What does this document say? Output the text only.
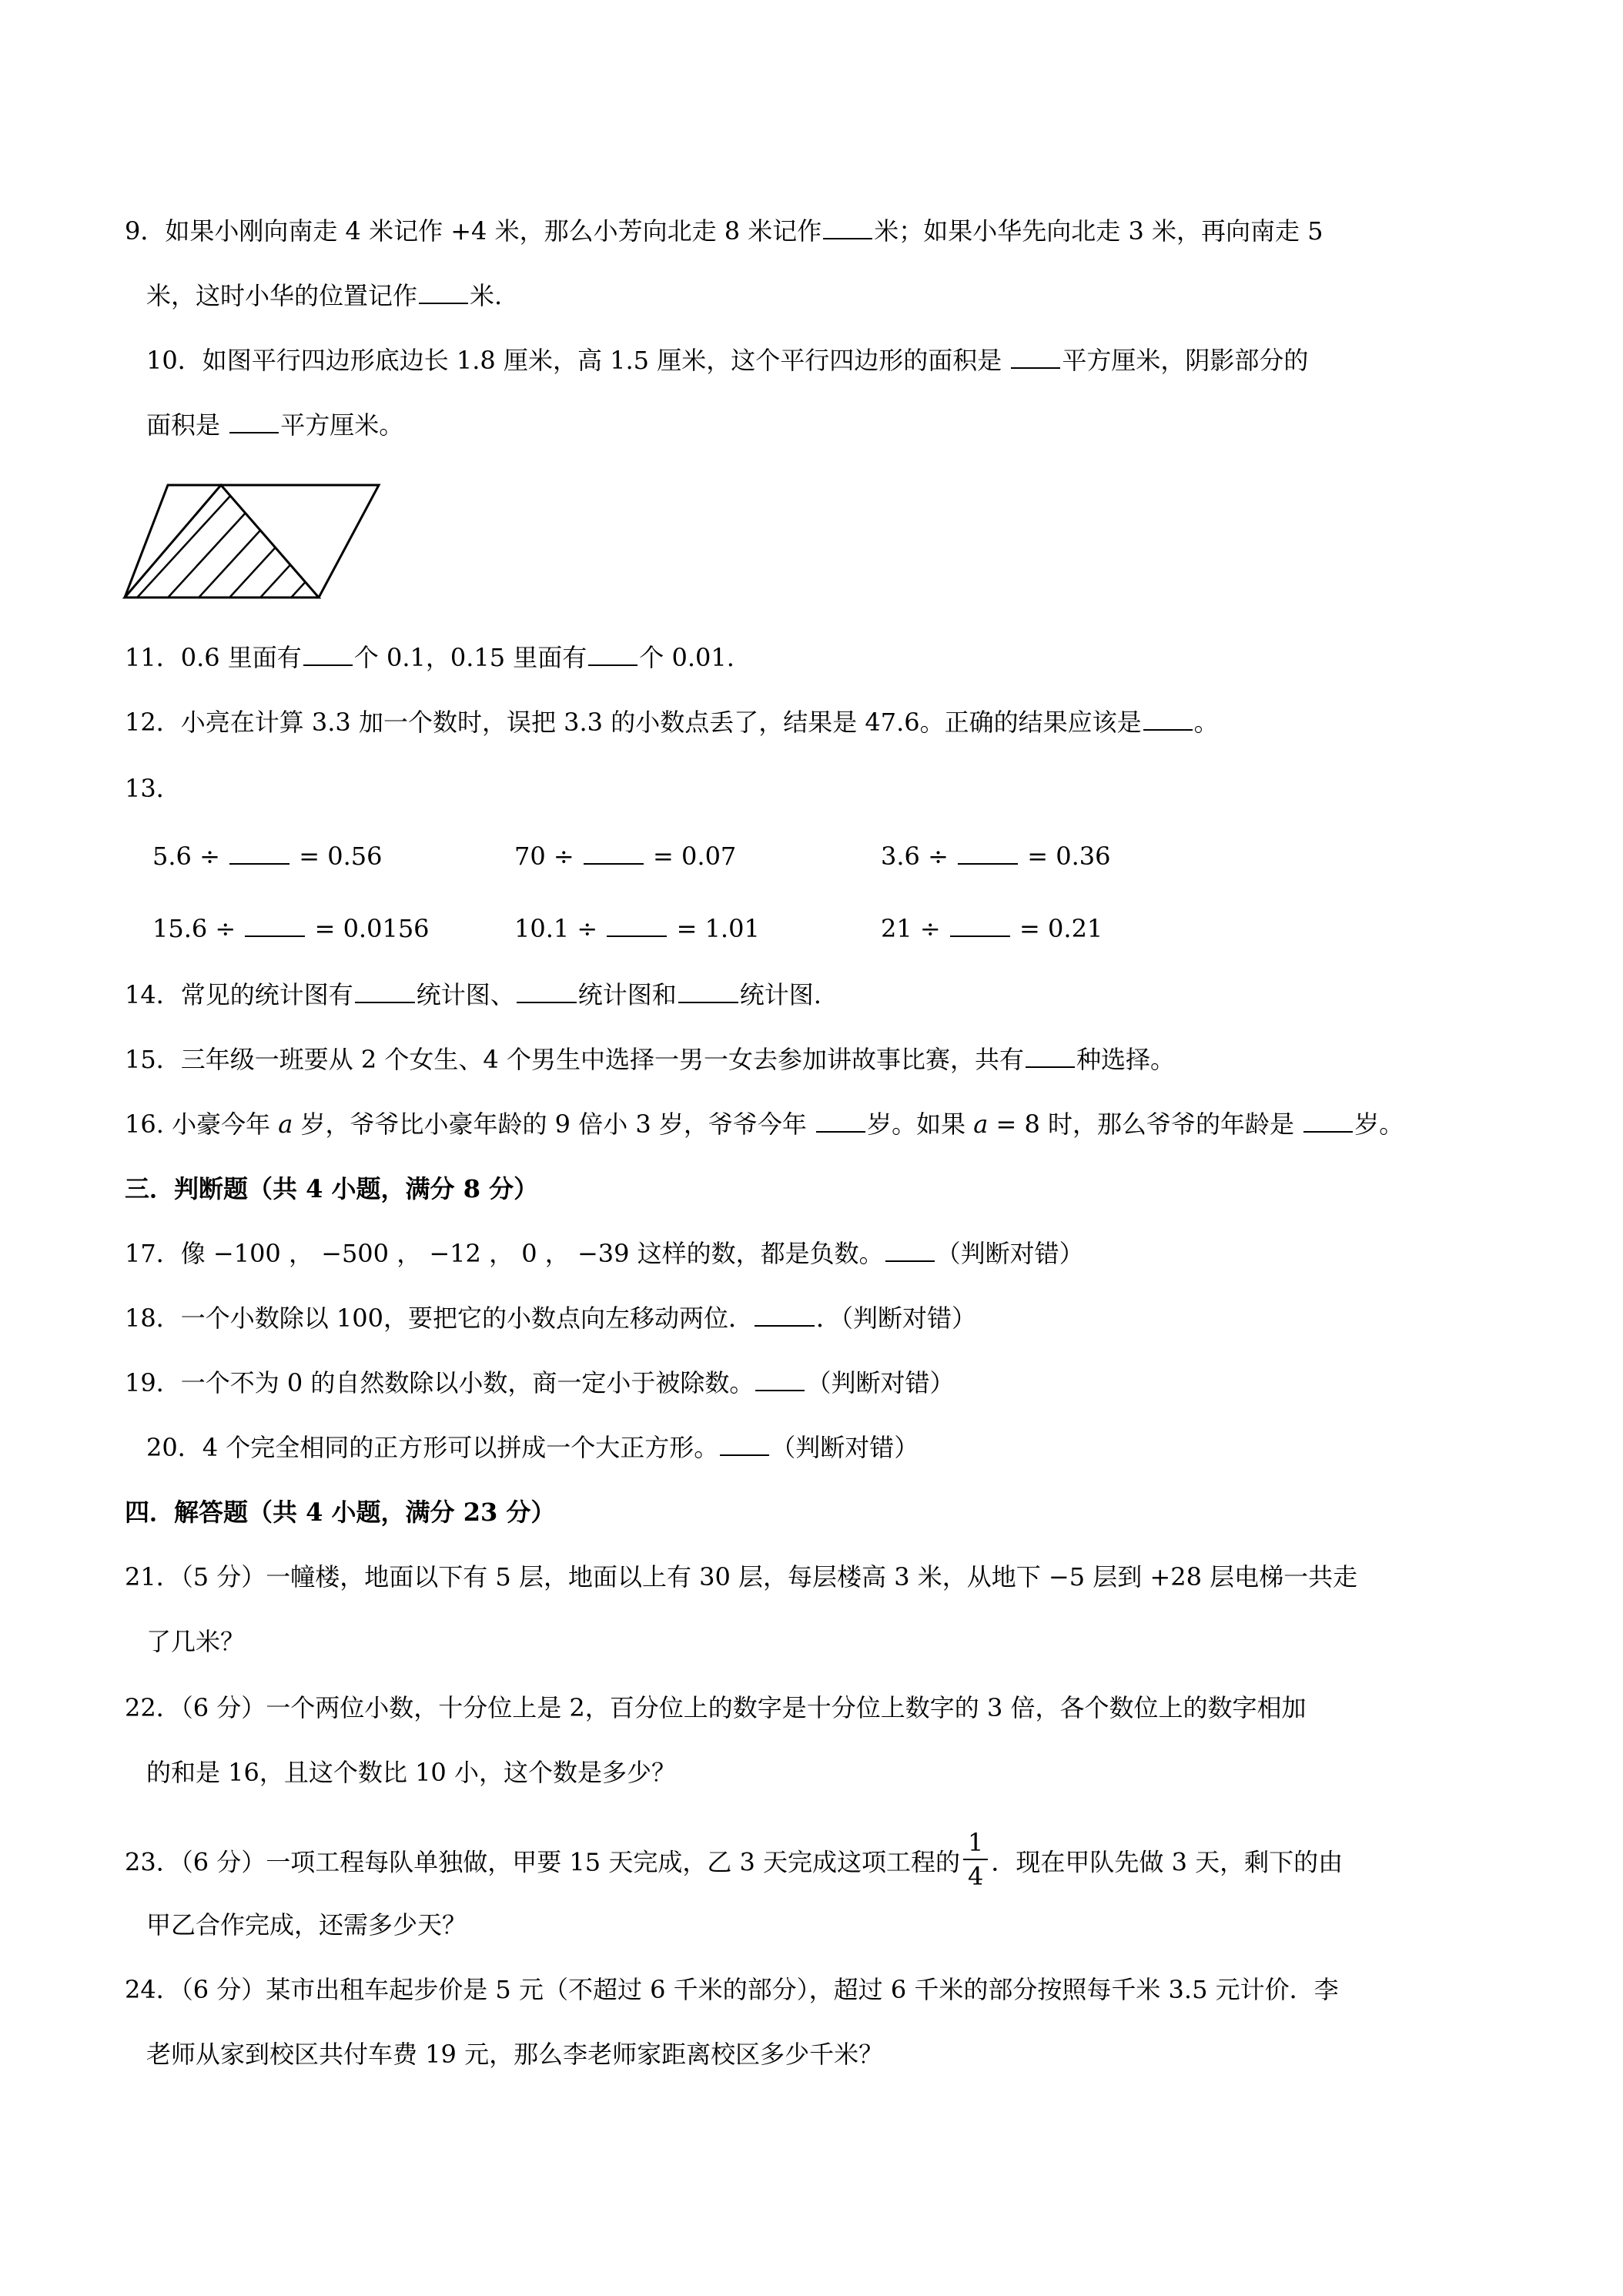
9．如果小刚向南走 4 米记作 +4 米，那么小芳向北走 8 米记作 米；如果小华先向北走 3 米，再向南走 5
米，这时小华的位置记作 米.
10．如图平行四边形底边长 1.8 厘米，高 1.5 厘米，这个平行四边形的面积是 平方厘米，阴影部分的
面积是 平方厘米。
11．0.6 里面有 个 0.1，0.15 里面有 个 0.01.
12．小亮在计算 3.3 加一个数时，误把 3.3 的小数点丢了，结果是 47.6。正确的结果应该是 。
13．
5.6 ÷	= 0.56	70 ÷	= 0.07	3.6 ÷	= 0.36
15.6 ÷	= 0.0156	10.1 ÷	= 1.01	21 ÷	= 0.21
14．常见的统计图有	统计图、	统计图和	统计图.
15．三年级一班要从 2 个女生、4 个男生中选择一男一女去参加讲故事比赛，共有 种选择。
16. 小豪今年 a 岁，爷爷比小豪年龄的 9 倍小 3 岁，爷爷今年 岁。如果 a = 8 时，那么爷爷的年龄是 岁。
三．判断题（共 4 小题，满分 8 分）
17．像 −100 ， −500 ， −12 ， 0 ， −39 这样的数，都是负数。 （判断对错）
18．一个小数除以 100，要把它的小数点向左移动两位．	．（判断对错）
19．一个不为 0 的自然数除以小数，商一定小于被除数。 （判断对错）
20．4 个完全相同的正方形可以拼成一个大正方形。 （判断对错）
四．解答题（共 4 小题，满分 23 分）
21．（5 分）一幢楼，地面以下有 5 层，地面以上有 30 层，每层楼高 3 米，从地下 −5 层到 +28 层电梯一共走
了几米？
22．（6 分）一个两位小数，十分位上是 2，百分位上的数字是十分位上数字的 3 倍，各个数位上的数字相加
的和是 16，且这个数比 10 小，这个数是多少？
23．（6 分）一项工程每队单独做，甲要 15 天完成，乙 3 天完成这项工程的 $\frac{1}{4}$ ．现在甲队先做 3 天，剩下的由
甲乙合作完成，还需多少天？
24．（6 分）某市出租车起步价是 5 元（不超过 6 千米的部分），超过 6 千米的部分按照每千米 3.5 元计价．李
老师从家到校区共付车费 19 元，那么李老师家距离校区多少千米？
